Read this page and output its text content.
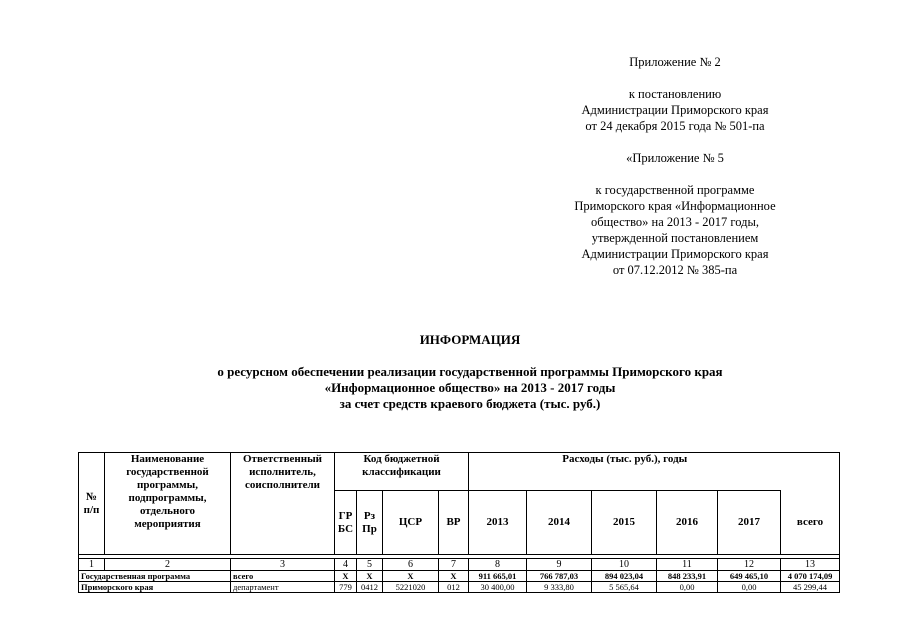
Приложение № 2
к постановлению
Администрации Приморского края
от 24 декабря 2015 года № 501-па
«Приложение № 5
к государственной программе
Приморского края «Информационное
общество» на 2013 - 2017 годы,
утвержденной постановлением
Администрации Приморского края
от 07.12.2012 № 385-па
ИНФОРМАЦИЯ
о ресурсном обеспечении реализации государственной программы Приморского края
«Информационное общество» на 2013 - 2017 годы
за счет средств краевого бюджета (тыс. руб.)
№ п/п	Наименование государственной программы, подпрограммы, отдельного мероприятия	Ответственный исполнитель, соисполнители	Код бюджетной классификации				Расходы (тыс. руб.), годы					
			ГР БС	Рз Пр	ЦСР	ВР	2013	2014	2015	2016	2017	всего

1	2	3	4	5	6	7	8	9	10	11	12	13
Государственная программа		всего	X	X	X	X	911 665,01	766 787,03	894 023,04	848 233,91	649 465,10	4 070 174,09
Приморского края		департамент	779	0412	5221020	012	30 400,00	9 333,80	5 565,64	0,00	0,00	45 299,44
